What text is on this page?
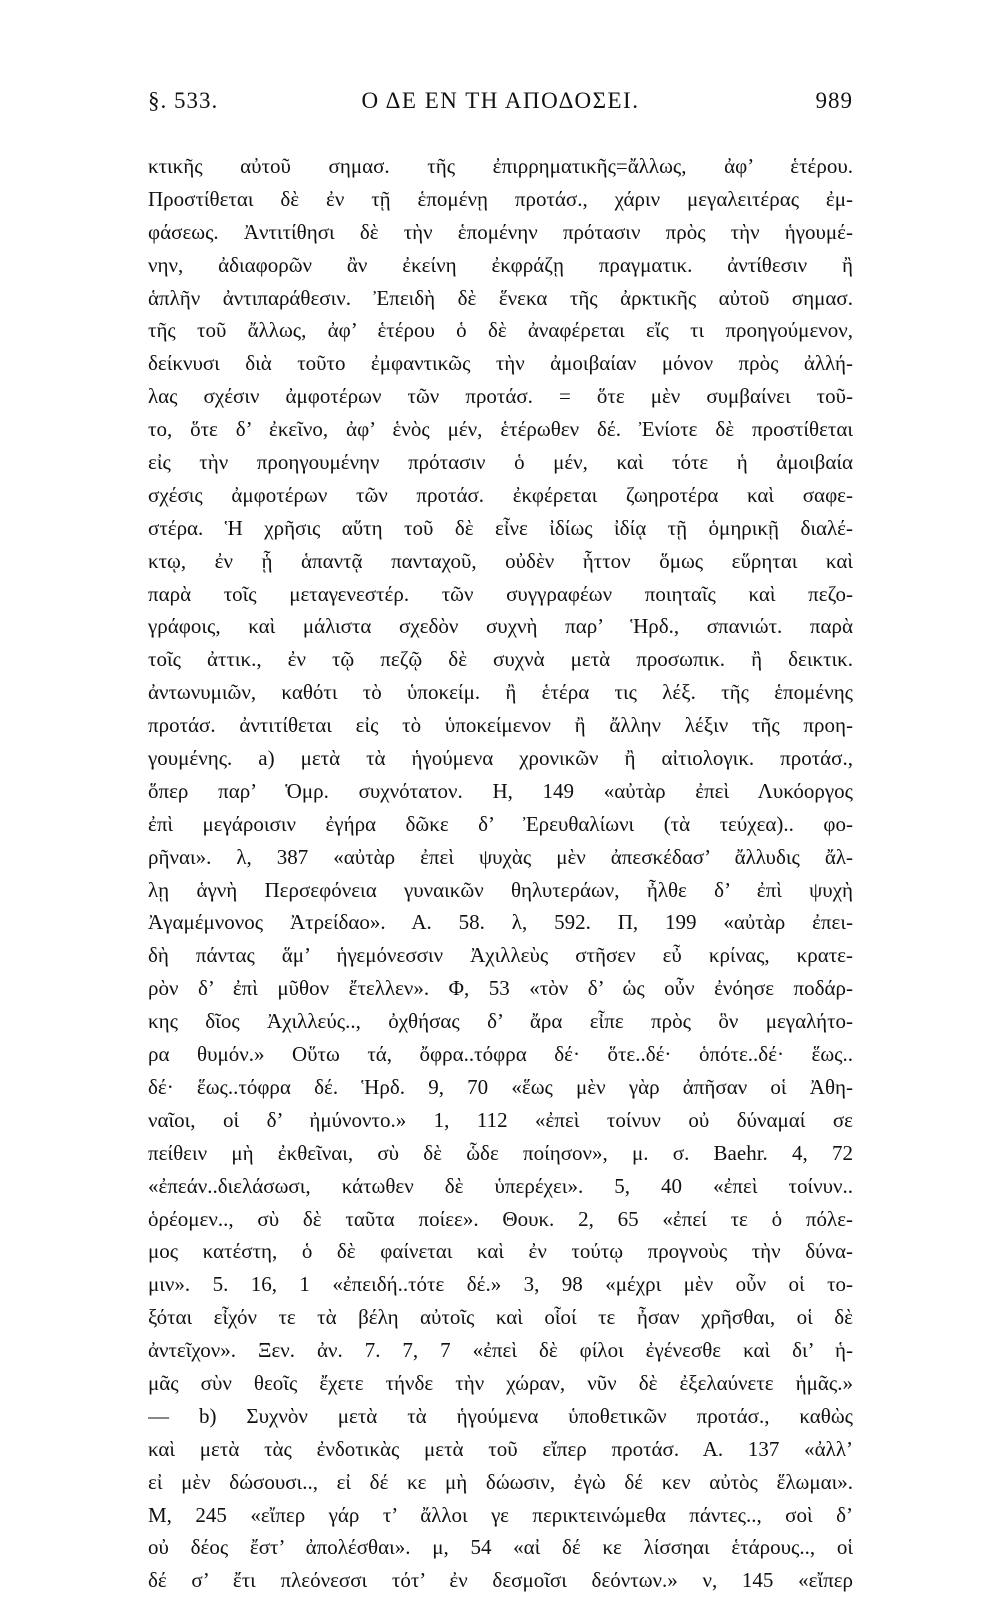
§. 533.	Ο ΔΕ ΕΝ ΤΗ ΑΠΟΔΟΣΕΙ.	989
κτικῆς αὐτοῦ σημασ. τῆς ἐπιρρηματικῆς=ἄλλως, ἀφ’ ἑτέρου.
Προστίθεται δὲ ἐν τῇ ἑπομένῃ προτάσ., χάριν μεγαλειτέρας ἐμ-
φάσεως. Ἀντιτίθησι δὲ τὴν ἑπομένην πρότασιν πρὸς τὴν ἡγουμέ-
νην, ἀδιαφορῶν ἂν ἐκείνη ἐκφράζῃ πραγματικ. ἀντίθεσιν ἢ
ἁπλῆν ἀντιπαράθεσιν. Ἐπειδὴ δὲ ἕνεκα τῆς ἀρκτικῆς αὐτοῦ σημασ.
τῆς τοῦ ἄλλως, ἀφ’ ἑτέρου ὁ δὲ ἀναφέρεται εἴς τι προηγούμενον,
δείκνυσι διὰ τοῦτο ἐμφαντικῶς τὴν ἀμοιβαίαν μόνον πρὸς ἀλλή-
λας σχέσιν ἀμφοτέρων τῶν προτάσ. = ὅτε μὲν συμβαίνει τοῦ-
το, ὅτε δ’ ἐκεῖνο, ἀφ’ ἑνὸς μέν, ἑτέρωθεν δέ. Ἐνίοτε δὲ προστίθεται
εἰς τὴν προηγουμένην πρότασιν ὁ μέν, καὶ τότε ἡ ἀμοιβαία
σχέσις ἀμφοτέρων τῶν προτάσ. ἐκφέρεται ζωηροτέρα καὶ σαφε-
στέρα. Ἡ χρῆσις αὕτη τοῦ δὲ εἶνε ἰδίως ἰδίᾳ τῇ ὁμηρικῇ διαλέ-
κτῳ, ἐν ᾗ ἁπαντᾷ πανταχοῦ, οὐδὲν ἧττον ὅμως εὕρηται καὶ
παρὰ τοῖς μεταγενεστέρ. τῶν συγγραφέων ποιηταῖς καὶ πεζο-
γράφοις, καὶ μάλιστα σχεδὸν συχνὴ παρ’ Ἡρδ., σπανιώτ. παρὰ
τοῖς ἀττικ., ἐν τῷ πεζῷ δὲ συχνὰ μετὰ προσωπικ. ἢ δεικτικ.
ἀντωνυμιῶν, καθότι τὸ ὑποκείμ. ἢ ἑτέρα τις λέξ. τῆς ἑπομένης
προτάσ. ἀντιτίθεται εἰς τὸ ὑποκείμενον ἢ ἄλλην λέξιν τῆς προη-
γουμένης. a) μετὰ τὰ ἡγούμενα χρονικῶν ἢ αἰτιολογικ. προτάσ.,
ὅπερ παρ’ Ὁμρ. συχνότατον. Η, 149 «αὐτὰρ ἐπεὶ Λυκόοργος
ἐπὶ μεγάροισιν ἐγήρα δῶκε δ’ Ἐρευθαλίωνι (τὰ τεύχεα).. φο-
ρῆναι». λ, 387 «αὐτὰρ ἐπεὶ ψυχὰς μὲν ἀπεσκέδασ’ ἄλλυδις ἄλ-
λῃ ἁγνὴ Περσεφόνεια γυναικῶν θηλυτεράων, ἦλθε δ’ ἐπὶ ψυχὴ
Ἀγαμέμνονος Ἀτρείδαο». Α. 58. λ, 592. Π, 199 «αὐτὰρ ἐπει-
δὴ πάντας ἅμ’ ἡγεμόνεσσιν Ἀχιλλεὺς στῆσεν εὖ κρίνας, κρατε-
ρὸν δ’ ἐπὶ μῦθον ἔτελλεν». Φ, 53 «τὸν δ’ ὡς οὖν ἐνόησε ποδάρ-
κης δῖος Ἀχιλλεύς.., ὀχθήσας δ’ ἄρα εἶπε πρὸς ὃν μεγαλήτο-
ρα θυμόν.» Οὕτω τά, ὄφρα..τόφρα δέ· ὅτε..δέ· ὁπότε..δέ· ἕως..
δέ· ἕως..τόφρα δέ. Ἡρδ. 9, 70 «ἕως μὲν γὰρ ἀπῆσαν οἱ Ἀθη-
ναῖοι, οἱ δ’ ἠμύνοντο.» 1, 112 «ἐπεὶ τοίνυν οὐ δύναμαί σε
πείθειν μὴ ἐκθεῖναι, σὺ δὲ ὧδε ποίησον», μ. σ. Baehr. 4, 72
«ἐπεάν..διελάσωσι, κάτωθεν δὲ ὑπερέχει». 5, 40 «ἐπεὶ τοίνυν..
ὁρέομεν.., σὺ δὲ ταῦτα ποίεε». Θουκ. 2, 65 «ἐπεί τε ὁ πόλε-
μος κατέστη, ὁ δὲ φαίνεται καὶ ἐν τούτῳ προγνοὺς τὴν δύνα-
μιν». 5. 16, 1 «ἐπειδή..τότε δέ.» 3, 98 «μέχρι μὲν οὖν οἱ το-
ξόται εἶχόν τε τὰ βέλη αὐτοῖς καὶ οἷοί τε ἦσαν χρῆσθαι, οἱ δὲ
ἀντεῖχον». Ξεν. ἀν. 7. 7, 7 «ἐπεὶ δὲ φίλοι ἐγένεσθε καὶ δι’ ἡ-
μᾶς σὺν θεοῖς ἔχετε τήνδε τὴν χώραν, νῦν δὲ ἐξελαύνετε ἡμᾶς.»
— b) Συχνὸν μετὰ τὰ ἡγούμενα ὑποθετικῶν προτάσ., καθὼς
καὶ μετὰ τὰς ἐνδοτικὰς μετὰ τοῦ εἴπερ προτάσ. Α. 137 «ἀλλ’
εἰ μὲν δώσουσι.., εἰ δέ κε μὴ δώωσιν, ἐγὼ δέ κεν αὐτὸς ἕλωμαι».
Μ, 245 «εἴπερ γάρ τ’ ἄλλοι γε περικτεινώμεθα πάντες.., σοὶ δ’
οὐ δέος ἔστ’ ἀπολέσθαι». μ, 54 «αἰ δέ κε λίσσηαι ἑτάρους.., οἱ
δέ σ’ ἔτι πλεόνεσσι τότ’ ἐν δεσμοῖσι δεόντων.» ν, 145 «εἴπερ
